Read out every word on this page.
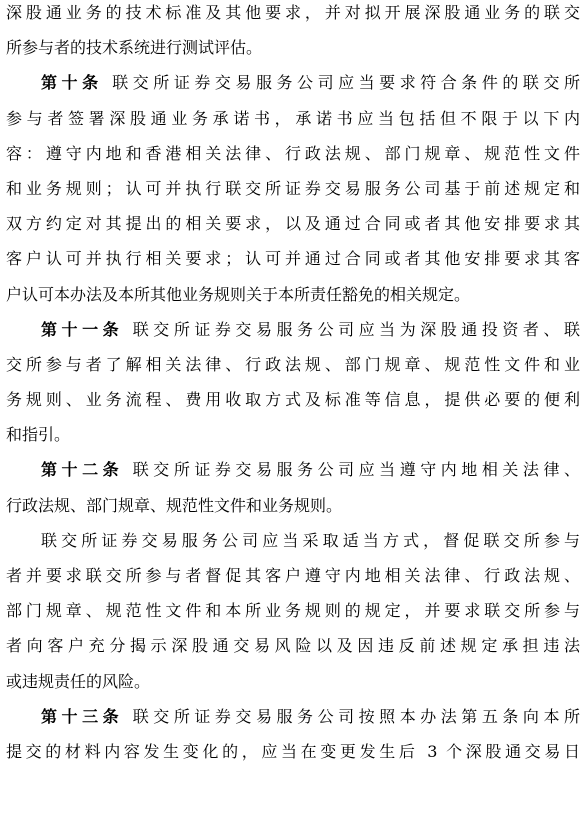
深股通业务的技术标准及其他要求，并对拟开展深股通业务的联交
所参与者的技术系统进行测试评估。
第十条 联交所证券交易服务公司应当要求符合条件的联交所
参与者签署深股通业务承诺书，承诺书应当包括但不限于以下内
容：遵守内地和香港相关法律、行政法规、部门规章、规范性文件
和业务规则；认可并执行联交所证券交易服务公司基于前述规定和
双方约定对其提出的相关要求，以及通过合同或者其他安排要求其
客户认可并执行相关要求；认可并通过合同或者其他安排要求其客
户认可本办法及本所其他业务规则关于本所责任豁免的相关规定。
第十一条 联交所证券交易服务公司应当为深股通投资者、联
交所参与者了解相关法律、行政法规、部门规章、规范性文件和业
务规则、业务流程、费用收取方式及标准等信息，提供必要的便利
和指引。
第十二条 联交所证券交易服务公司应当遵守内地相关法律、
行政法规、部门规章、规范性文件和业务规则。
联交所证券交易服务公司应当采取适当方式，督促联交所参与
者并要求联交所参与者督促其客户遵守内地相关法律、行政法规、
部门规章、规范性文件和本所业务规则的规定，并要求联交所参与
者向客户充分揭示深股通交易风险以及因违反前述规定承担违法
或违规责任的风险。
第十三条 联交所证券交易服务公司按照本办法第五条向本所
提交的材料内容发生变化的，应当在变更发生后 3 个深股通交易日
